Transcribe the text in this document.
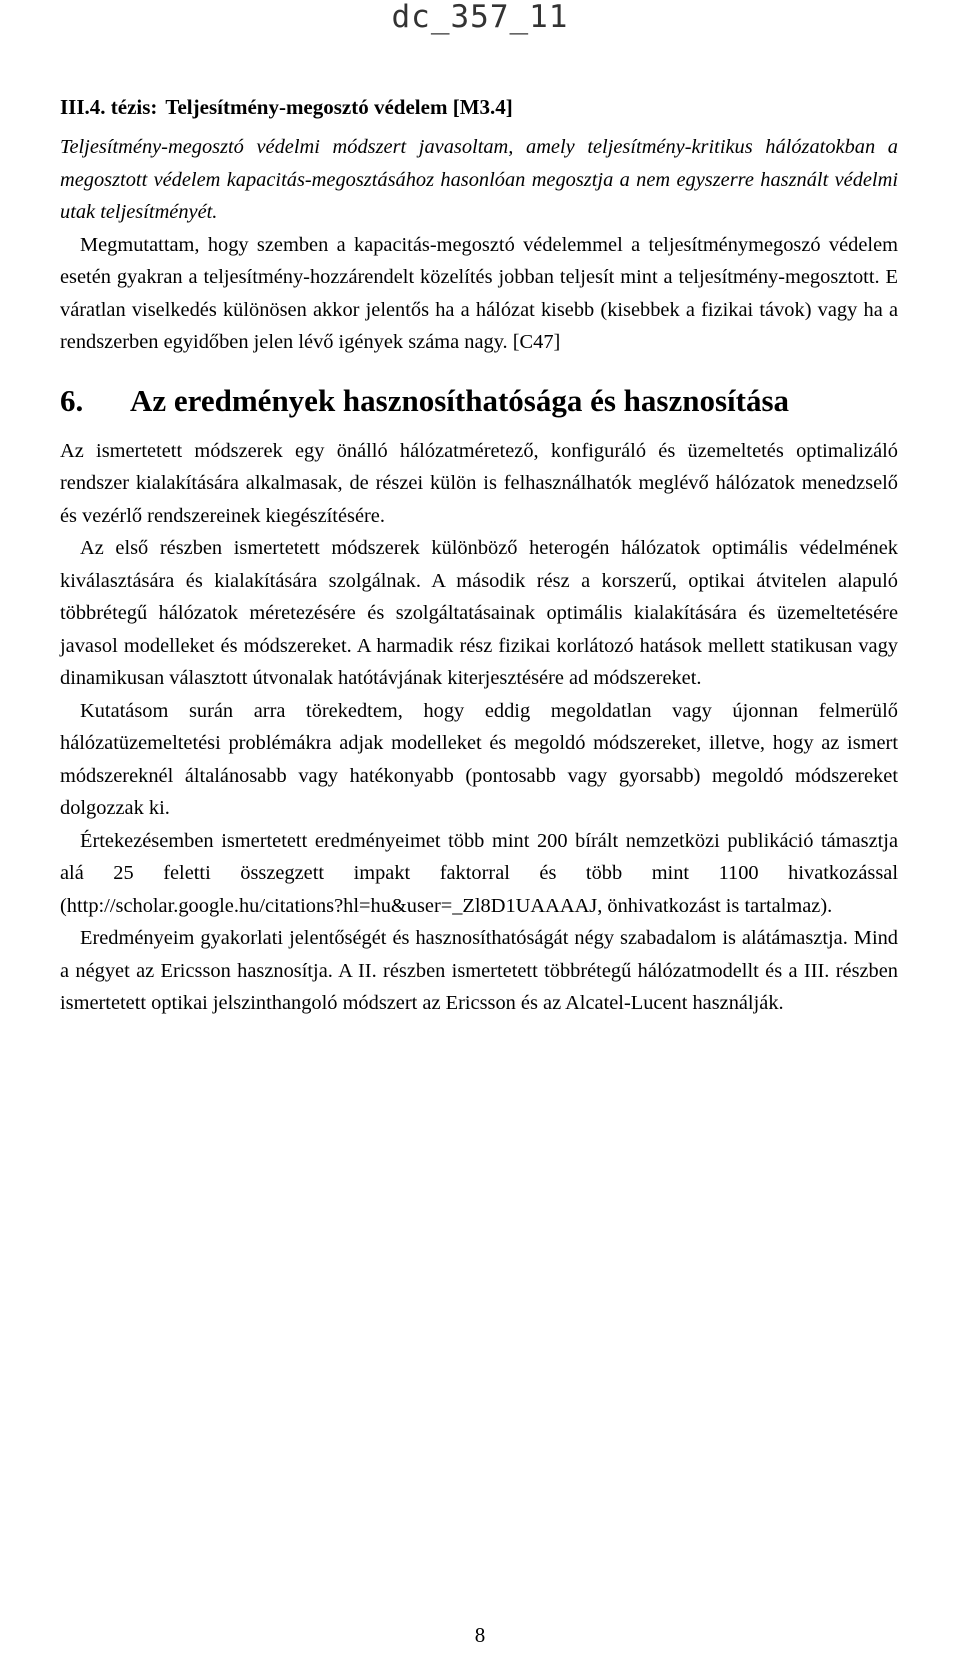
dc_357_11
III.4. tézis: Teljesítmény-megosztó védelem [M3.4]

Teljesítmény-megosztó védelmi módszert javasoltam, amely teljesítmény-kritikus hálózatokban a megosztott védelem kapacitás-megosztásához hasonlóan megosztja a nem egyszerre használt védelmi utak teljesítményét.

Megmutattam, hogy szemben a kapacitás-megosztó védelemmel a teljesítménymegoszó védelem esetén gyakran a teljesítmény-hozzárendelt közelítés jobban teljesít mint a teljesítmény-megosztott. E váratlan viselkedés különösen akkor jelentős ha a hálózat kisebb (kisebbek a fizikai távok) vagy ha a rendszerben egyidőben jelen lévő igények száma nagy. [C47]

6. Az eredmények hasznosíthatósága és hasznosítása

Az ismertetett módszerek egy önálló hálózatméretező, konfiguráló és üzemeltetés optimalizáló rendszer kialakítására alkalmasak, de részei külön is felhasználhatók meglévő hálózatok menedzselő és vezérlő rendszereinek kiegészítésére.

Az első részben ismertetett módszerek különböző heterogén hálózatok optimális védelmének kiválasztására és kialakítására szolgálnak. A második rész a korszerű, optikai átvitelen alapuló többrétegű hálózatok méretezésére és szolgáltatásainak optimális kialakítására és üzemeltetésére javasol modelleket és módszereket. A harmadik rész fizikai korlátozó hatások mellett statikusan vagy dinamikusan választott útvonalak hatótávjának kiterjesztésére ad módszereket.

Kutatásom surán arra törekedtem, hogy eddig megoldatlan vagy újonnan felmerülő hálózatüzemeltetési problémákra adjak modelleket és megoldó módszereket, illetve, hogy az ismert módszereknél általánosabb vagy hatékonyabb (pontosabb vagy gyorsabb) megoldó módszereket dolgozzak ki.

Értekezésemben ismertetett eredményeimet több mint 200 bírált nemzetközi publikáció támasztja alá 25 feletti összegzett impakt faktorral és több mint 1100 hivatkozással (http://scholar.google.hu/citations?hl=hu&user=_Zl8D1UAAAAJ, önhivatkozást is tartalmaz).

Eredményeim gyakorlati jelentőségét és hasznosíthatóságát négy szabadalom is alátámasztja. Mind a négyet az Ericsson hasznosítja. A II. részben ismertetett többrétegű hálózatmodellt és a III. részben ismertetett optikai jelszinthangoló módszert az Ericsson és az Alcatel-Lucent használják.

8
